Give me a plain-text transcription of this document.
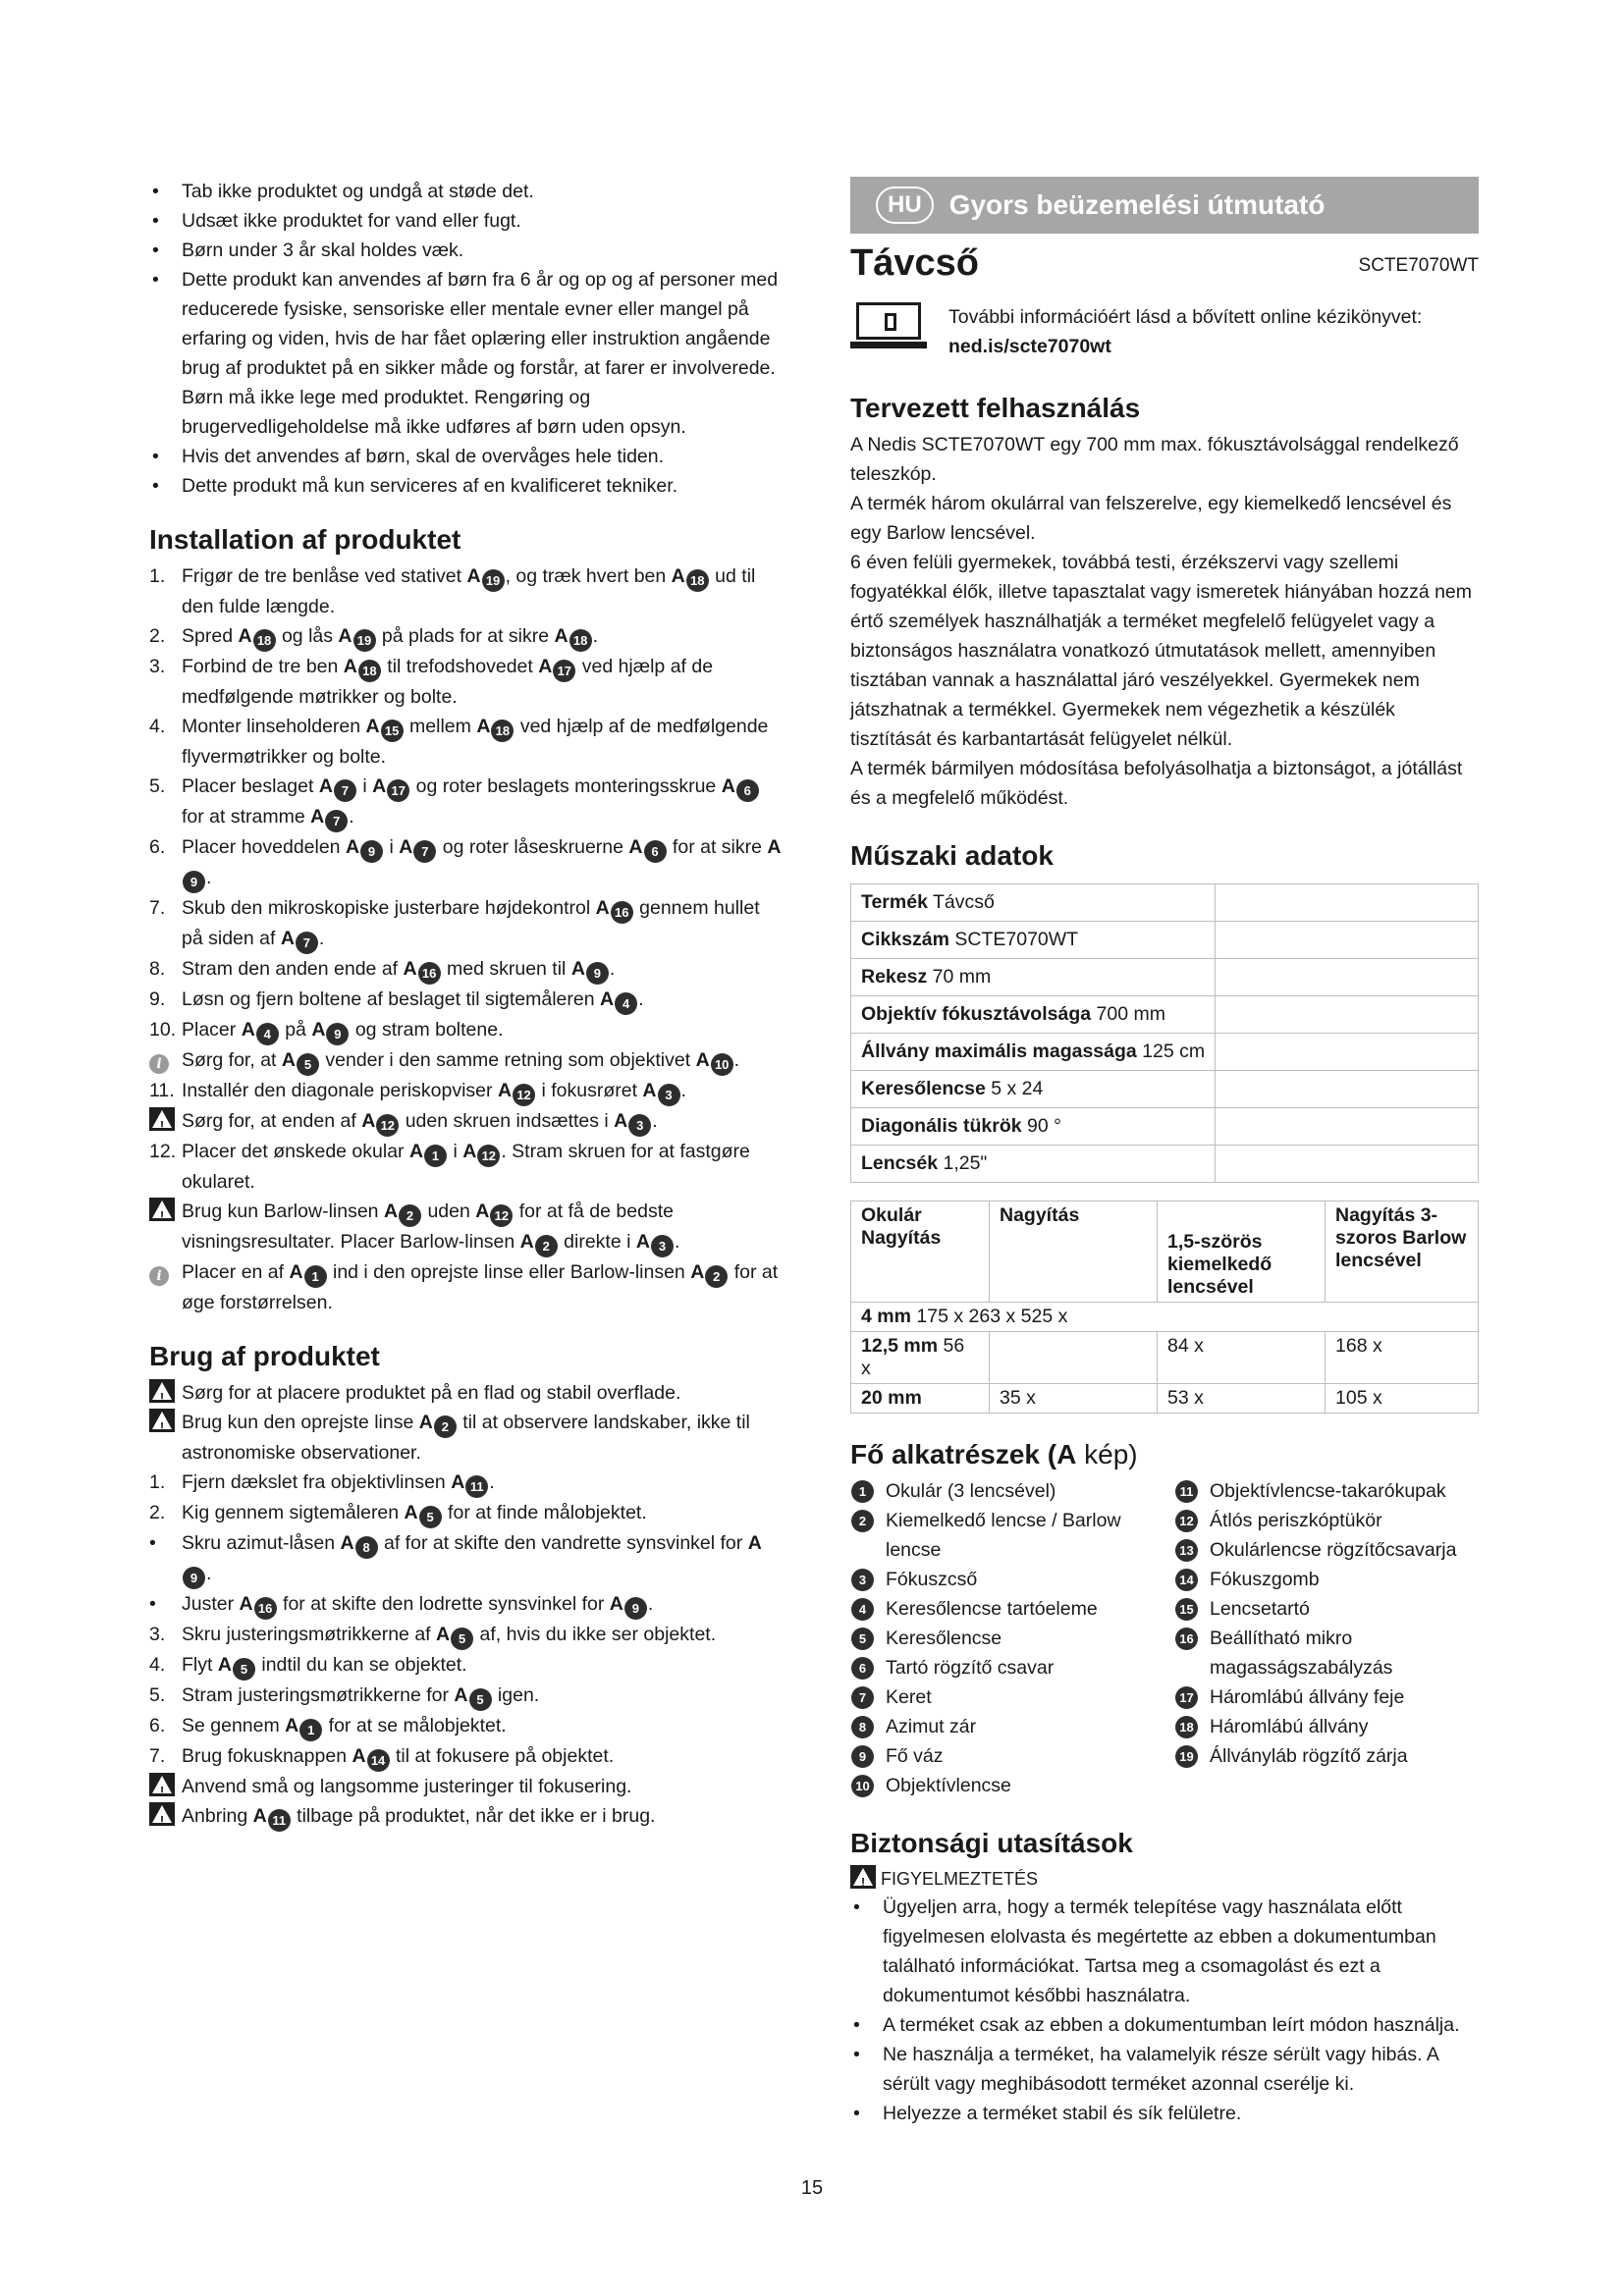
• Tab ikke produktet og undgå at støde det.
• Udsæt ikke produktet for vand eller fugt.
• Børn under 3 år skal holdes væk.
• Dette produkt kan anvendes af børn fra 6 år og op og af personer med reducerede fysiske, sensoriske eller mentale evner eller mangel på erfaring og viden, hvis de har fået oplæring eller instruktion angående brug af produktet på en sikker måde og forstår, at farer er involverede. Børn må ikke lege med produktet. Rengøring og brugervedligeholdelse må ikke udføres af børn uden opsyn.
• Hvis det anvendes af børn, skal de overvåges hele tiden.
• Dette produkt må kun serviceres af en kvalificeret tekniker.
Installation af produktet
1. Frigør de tre benlåse ved stativet A 19 , og træk hvert ben A 18 ud til den fulde længde.
2. Spred A 18 og lås A 19 på plads for at sikre A 18 .
3. Forbind de tre ben A 18 til trefodshovedet A 17 ved hjælp af de medfølgende møtrikker og bolte.
4. Monter linseholderen A 15 mellem A 18 ved hjælp af de medfølgende flyvermøtrikker og bolte.
5. Placer beslaget A 7 i A 17 og roter beslagets monteringsskrue A 6 for at stramme A 7 .
6. Placer hoveddelen A 9 i A 7 og roter låseskruerne A 6 for at sikre A9 .
7. Skub den mikroskopiske justerbare højdekontrol A 16 gennem hullet på siden af A 7 .
8. Stram den anden ende af A 16 med skruen til A 9 .
9. Løsn og fjern boltene af beslaget til sigtemåleren A 4 .
10. Placer A 4 på A 9 og stram boltene.
i	Sørg for, at A 5 vender i den samme retning som objektivet A 10 .
11. Installér den diagonale periskopviser A 12 i fokusrøret A 3 .
!
Sørg for, at enden af A 12 uden skruen indsættes i A 3 .
12. Placer det ønskede okular A 1 i A 12 . Stram skruen for at fastgøre okularet.
!
Brug kun Barlow-linsen A 2 uden A 12 for at få de bedste visningsresultater. Placer Barlow-linsen A 2 direkte i A 3 .
i	Placer en af A 1 ind i den oprejste linse eller Barlow-linsen A 2 for at øge forstørrelsen.
Brug af produktet
!
Sørg for at placere produktet på en flad og stabil overflade.
!
Brug kun den oprejste linse A 2 til at observere landskaber, ikke til astronomiske observationer.
1. Fjern dækslet fra objektivlinsen A 11 .
2. Kig gennem sigtemåleren A 5 for at finde målobjektet.
• Skru azimut-låsen A 8 af for at skifte den vandrette synsvinkel for A9 .
• Juster A 16 for at skifte den lodrette synsvinkel for A 9 .
3. Skru justeringsmøtrikkerne af A 5 af, hvis du ikke ser objektet.
4. Flyt A 5 indtil du kan se objektet.
5. Stram justeringsmøtrikkerne for A 5 igen.
6. Se gennem A 1 for at se målobjektet.
7. Brug fokusknappen A 14 til at fokusere på objektet.
!
Anvend små og langsomme justeringer til fokusering.
!
Anbring A 11 tilbage på produktet, når det ikke er i brug.
HU	Gyors beüzemelési útmutató
Távcső	SCTE7070WT
További információért lásd a bővített online kézikönyvet:
ned.is/scte7070wt
Tervezett felhasználás
A Nedis SCTE7070WT egy 700 mm max. fókusztávolsággal rendelkező teleszkóp.
A termék három okulárral van felszerelve, egy kiemelkedő lencsével és egy Barlow lencsével.
6 éven felüli gyermekek, továbbá testi, érzékszervi vagy szellemi fogyatékkal élők, illetve tapasztalat vagy ismeretek hiányában hozzá nem értő személyek használhatják a terméket megfelelő felügyelet vagy a biztonságos használatra vonatkozó útmutatások mellett, amennyiben tisztában vannak a használattal járó veszélyekkel. Gyermekek nem játszhatnak a termékkel. Gyermekek nem végezhetik a készülék tisztítását és karbantartását felügyelet nélkül.
A termék bármilyen módosítása befolyásolhatja a biztonságot, a jótállást és a megfelelő működést.
Műszaki adatok
Termék Távcső	
Cikkszám SCTE7070WT	
Rekesz 70 mm	
Objektív fókusztávolsága 700 mm	
Állvány maximális magassága 125 cm	
Keresőlencse 5 x 24	
Diagonális tükrök 90 °	
Lencsék 1,25"	
Okulár Nagyítás	Nagyítás	1,5-szörös kiemelkedő lencsével	Nagyítás 3-szoros Barlow lencsével
4 mm 175 x 263 x 525 x			
12,5 mm 56 x		84 x	168 x
20 mm	35 x	53 x	105 x
Fő alkatrészek (A kép)
1	Okulár (3 lencsével)
2	Kiemelkedő lencse / Barlow lencse
3	Fókuszcső
4	Keresőlencse tartóeleme
5	Keresőlencse
6	Tartó rögzítő csavar
7	Keret
8	Azimut zár
9	Fő váz
10 Objektívlencse
11 Objektívlencse-takarókupak
12 Átlós periszkóptükör
13 Okulárlencse rögzítőcsavarja
14 Fókuszgomb
15 Lencsetartó
16 Beállítható mikro magasságszabályzás
17 Háromlábú állvány feje
18 Háromlábú állvány
19 Állványláb rögzítő zárja
Biztonsági utasítások
! FIGYELMEZTETÉS
• Ügyeljen arra, hogy a termék telepítése vagy használata előtt figyelmesen elolvasta és megértette az ebben a dokumentumban található információkat. Tartsa meg a csomagolást és ezt a dokumentumot későbbi használatra.
• A terméket csak az ebben a dokumentumban leírt módon használja.
• Ne használja a terméket, ha valamelyik része sérült vagy hibás. A sérült vagy meghibásodott terméket azonnal cserélje ki.
• Helyezze a terméket stabil és sík felületre.
15
